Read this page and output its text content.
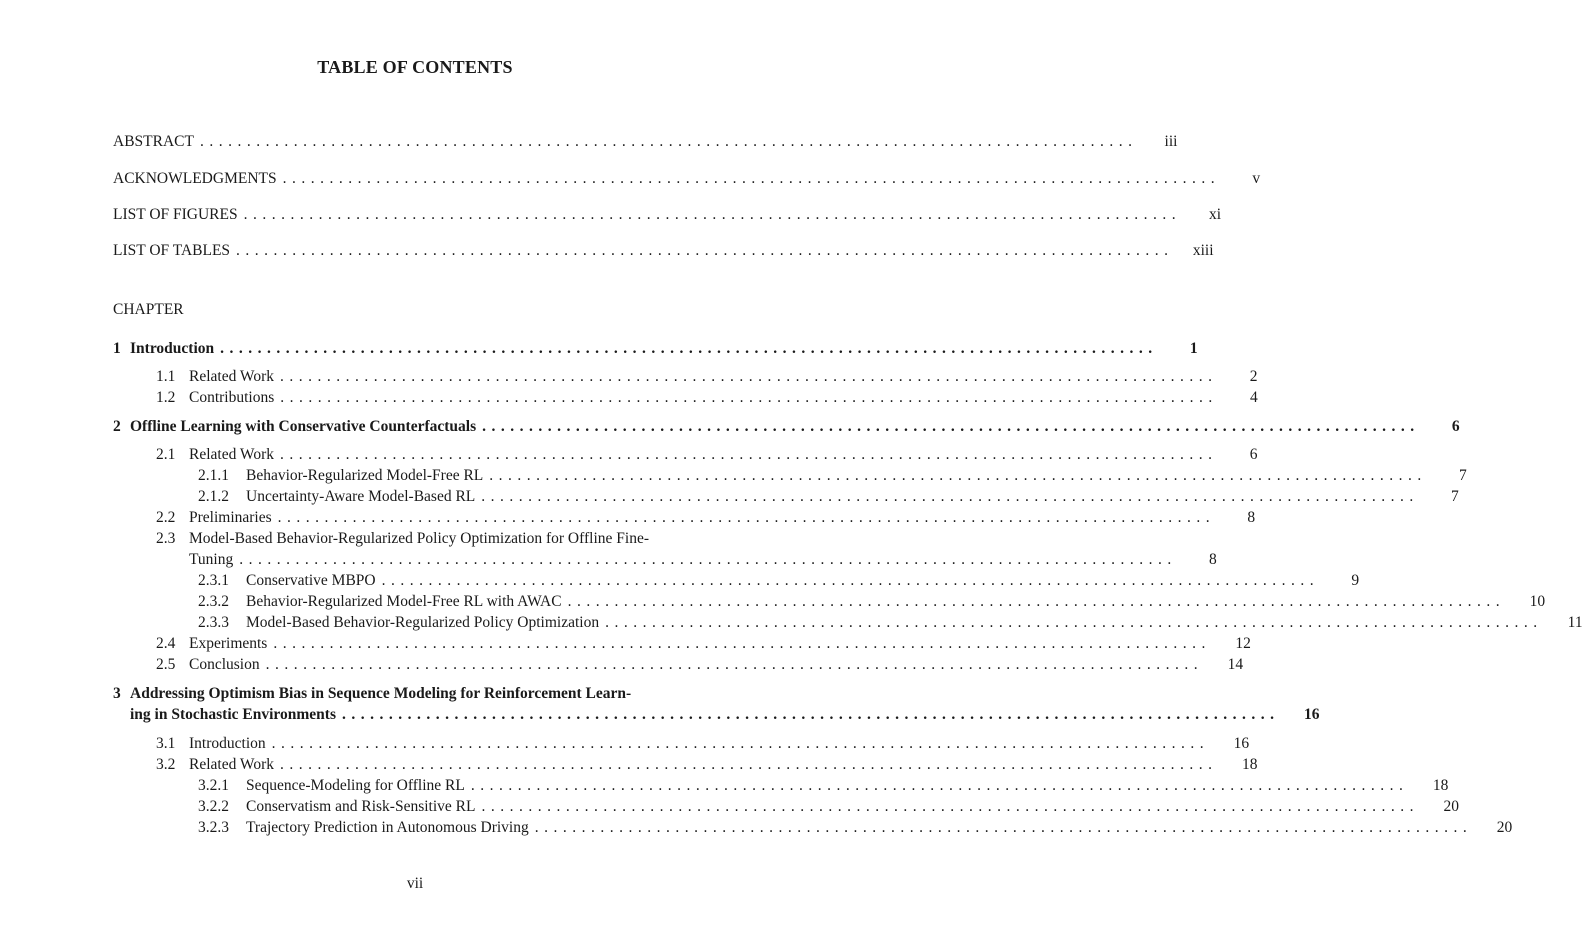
TABLE OF CONTENTS
ABSTRACT ....................................................................................................	iii
ACKNOWLEDGMENTS ....................................................................................................	v
LIST OF FIGURES ....................................................................................................	xi
LIST OF TABLES ....................................................................................................	xiii
CHAPTER
1 Introduction ....................................................................................................	1
1.1 Related Work ....................................................................................................	2
1.2 Contributions ....................................................................................................	4
2 Offline Learning with Conservative Counterfactuals ....................................................................................................	6
2.1 Related Work ....................................................................................................	6
2.1.1	Behavior-Regularized Model-Free RL ....................................................................................................	7
2.1.2	Uncertainty-Aware Model-Based RL ....................................................................................................	7
2.2 Preliminaries ....................................................................................................	8
2.3 Model-Based Behavior-Regularized Policy Optimization for Offline Fine-
Tuning ....................................................................................................	8
2.3.1	Conservative MBPO ....................................................................................................	9
2.3.2	Behavior-Regularized Model-Free RL with AWAC ....................................................................................................	10
2.3.3	Model-Based Behavior-Regularized Policy Optimization ....................................................................................................	11
2.4 Experiments ....................................................................................................	12
2.5 Conclusion ....................................................................................................	14
3 Addressing Optimism Bias in Sequence Modeling for Reinforcement Learn-
ing in Stochastic Environments ....................................................................................................	16
3.1 Introduction ....................................................................................................	16
3.2 Related Work ....................................................................................................	18
3.2.1	Sequence-Modeling for Offline RL ....................................................................................................	18
3.2.2	Conservatism and Risk-Sensitive RL ....................................................................................................	20
3.2.3	Trajectory Prediction in Autonomous Driving ....................................................................................................	20
vii
